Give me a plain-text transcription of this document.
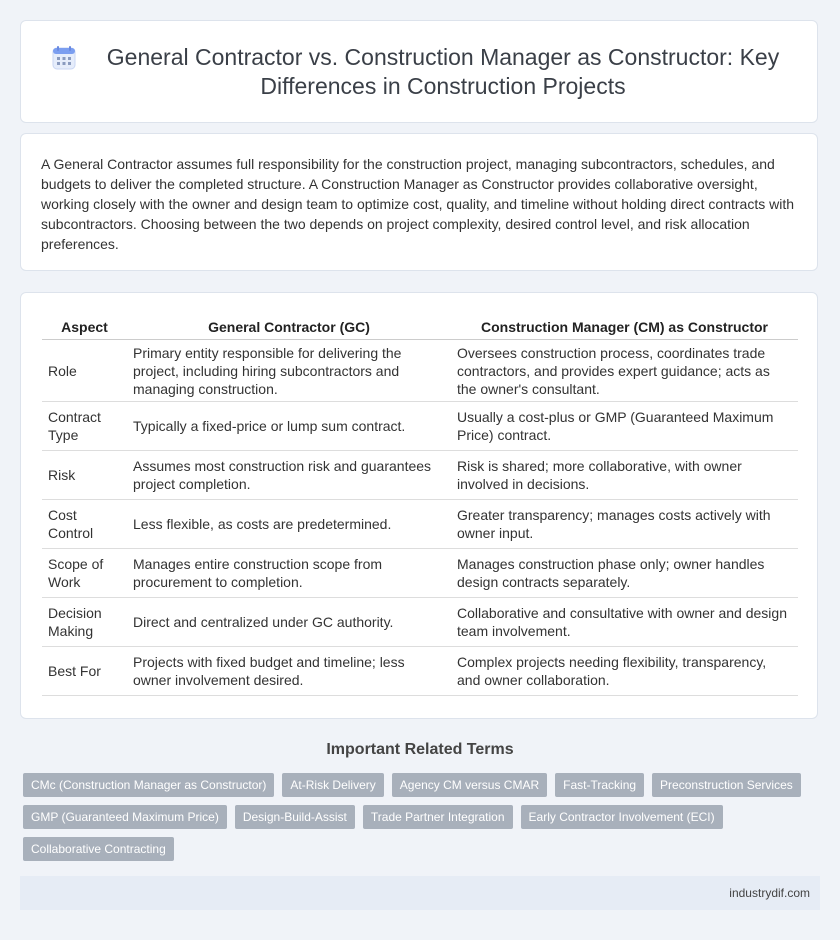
General Contractor vs. Construction Manager as Constructor: Key Differences in Construction Projects

A General Contractor assumes full responsibility for the construction project, managing subcontractors, schedules, and budgets to deliver the completed structure. A Construction Manager as Constructor provides collaborative oversight, working closely with the owner and design team to optimize cost, quality, and timeline without holding direct contracts with subcontractors. Choosing between the two depends on project complexity, desired control level, and risk allocation preferences.

Aspect	General Contractor (GC)	Construction Manager (CM) as Constructor
Role	Primary entity responsible for delivering the project, including hiring subcontractors and managing construction.	Oversees construction process, coordinates trade contractors, and provides expert guidance; acts as the owner's consultant.
Contract Type	Typically a fixed-price or lump sum contract.	Usually a cost-plus or GMP (Guaranteed Maximum Price) contract.
Risk	Assumes most construction risk and guarantees project completion.	Risk is shared; more collaborative, with owner involved in decisions.
Cost Control	Less flexible, as costs are predetermined.	Greater transparency; manages costs actively with owner input.
Scope of Work	Manages entire construction scope from procurement to completion.	Manages construction phase only; owner handles design contracts separately.
Decision Making	Direct and centralized under GC authority.	Collaborative and consultative with owner and design team involvement.
Best For	Projects with fixed budget and timeline; less owner involvement desired.	Complex projects needing flexibility, transparency, and owner collaboration.
Important Related Terms
CMc (Construction Manager as Constructor)	At-Risk Delivery	Agency CM versus CMAR	Fast-Tracking	Preconstruction Services
GMP (Guaranteed Maximum Price)	Design-Build-Assist	Trade Partner Integration	Early Contractor Involvement (ECI)
Collaborative Contracting
industrydif.com
